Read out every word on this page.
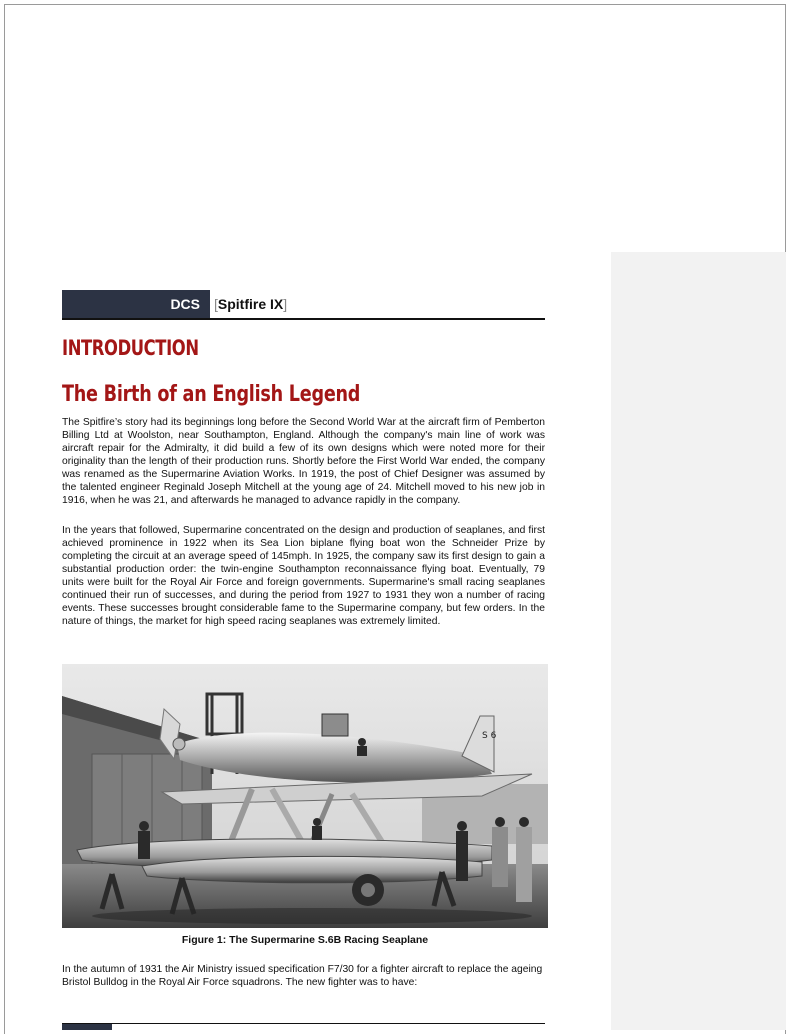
DCS [Spitfire IX]
INTRODUCTION
The Birth of an English Legend

The Spitfire’s story had its beginnings long before the Second World War at the aircraft firm of Pemberton Billing Ltd at Woolston, near Southampton, England. Although the company's main line of work was aircraft repair for the Admiralty, it did build a few of its own designs which were noted more for their originality than the length of their production runs. Shortly before the First World War ended, the company was renamed as the Supermarine Aviation Works. In 1919, the post of Chief Designer was assumed by the talented engineer Reginald Joseph Mitchell at the young age of 24. Mitchell moved to his new job in 1916, when he was 21, and afterwards he managed to advance rapidly in the company.

In the years that followed, Supermarine concentrated on the design and production of seaplanes, and first achieved prominence in 1922 when its Sea Lion biplane flying boat won the Schneider Prize by completing the circuit at an average speed of 145mph. In 1925, the company saw its first design to gain a substantial production order: the twin-engine Southampton reconnaissance flying boat. Eventually, 79 units were built for the Royal Air Force and foreign governments. Supermarine's small racing seaplanes continued their run of successes, and during the period from 1927 to 1931 they won a number of racing events. These successes brought considerable fame to the Supermarine company, but few orders. In the nature of things, the market for high speed racing seaplanes was extremely limited.

S 6
Figure 1: The Supermarine S.6B Racing Seaplane

In the autumn of 1931 the Air Ministry issued specification F7/30 for a fighter aircraft to replace the ageing Bristol Bulldog in the Royal Air Force squadrons. The new fighter was to have:
